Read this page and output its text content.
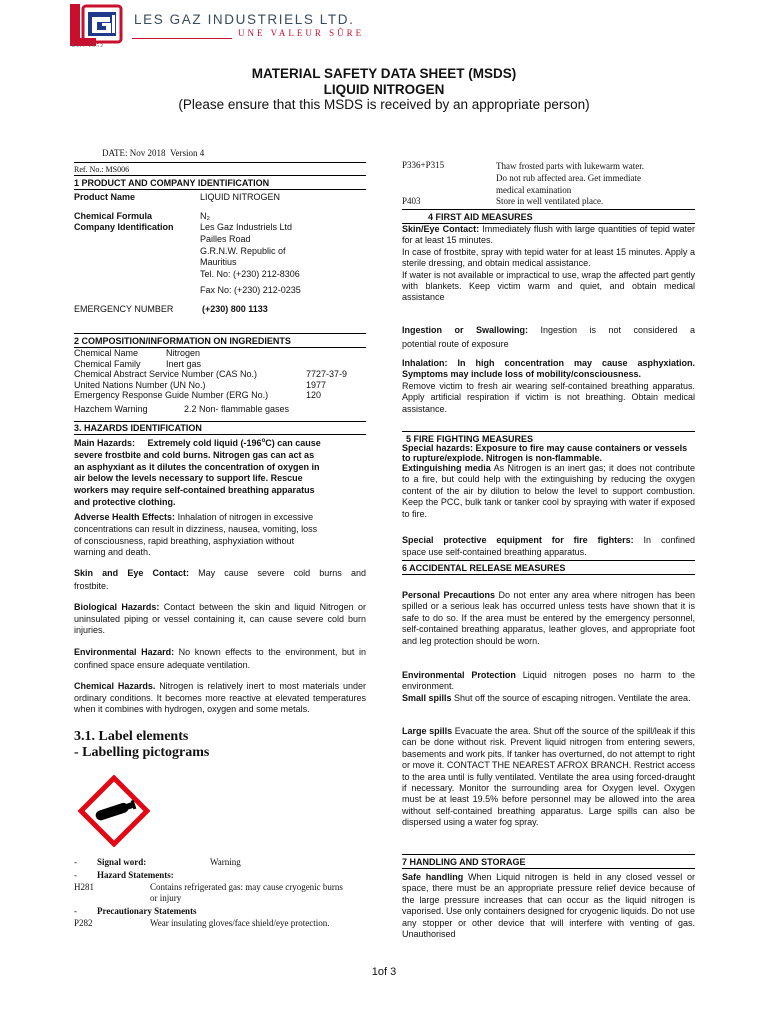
LES GAZ INDUSTRIELS LTD.
UNE VALEUR SÛRE
Est. 1952
MATERIAL SAFETY DATA SHEET (MSDS)
LIQUID NITROGEN
(Please ensure that this MSDS is received by an appropriate person)
DATE: Nov 2018 Version 4
Ref. No.: MS006
1 PRODUCT AND COMPANY IDENTIFICATION
Product Name	LIQUID NITROGEN
Chemical Formula	N₂
Company Identification	Les Gaz Industriels Ltd
Pailles Road
G.R.N.W. Republic of
Mauritius
Tel. No: (+230) 212-8306
Fax No: (+230) 212-0235
EMERGENCY NUMBER	(+230) 800 1133
2 COMPOSITION/INFORMATION ON INGREDIENTS
Chemical Name	Nitrogen
Chemical Family	Inert gas
Chemical Abstract Service Number (CAS No.)	7727-37-9
United Nations Number (UN No.)	1977
Emergency Response Guide Number (ERG No.)	120
Hazchem Warning	2.2 Non- flammable gases
3. HAZARDS IDENTIFICATION
Main Hazards: Extremely cold liquid (-196$^o$C) can cause
severe frostbite and cold burns. Nitrogen gas can act as
an asphyxiant as it dilutes the concentration of oxygen in
air below the levels necessary to support life. Rescue
workers may require self-contained breathing apparatus
and protective clothing.
Adverse Health Effects: Inhalation of nitrogen in excessive
concentrations can result in dizziness, nausea, vomiting, loss
of consciousness, rapid breathing, asphyxiation without
warning and death.
Skin and Eye Contact: May cause severe cold burns and
frostbite.
Biological Hazards: Contact between the skin and liquid Nitrogen or uninsulated piping or vessel containing it, can cause severe cold burn injuries.
Environmental Hazard: No known effects to the environment, but in confined space ensure adequate ventilation.
Chemical Hazards. Nitrogen is relatively inert to most materials under ordinary conditions. It becomes more reactive at elevated temperatures when it combines with hydrogen, oxygen and some metals.
3.1. Label elements
- Labelling pictograms
- Signal word:	Warning
- Hazard Statements:
H281	Contains refrigerated gas: may cause cryogenic burns or injury
- Precautionary Statements
P282	Wear insulating gloves/face shield/eye protection.
P336+P315	Thaw frosted parts with lukewarm water.
Do not rub affected area. Get immediate
medical examination
P403	Store in well ventilated place.
4 FIRST AID MEASURES
Skin/Eye Contact: Immediately flush with large quantities of tepid water for at least 15 minutes.
In case of frostbite, spray with tepid water for at least 15 minutes. Apply a sterile dressing, and obtain medical assistance.
If water is not available or impractical to use, wrap the affected part gently with blankets. Keep victim warm and quiet, and obtain medical assistance
Ingestion or Swallowing: Ingestion is not considered a
potential route of exposure
Inhalation: In high concentration may cause asphyxiation. Symptoms may include loss of mobility/consciousness.
Remove victim to fresh air wearing self-contained breathing apparatus. Apply artificial respiration if victim is not breathing. Obtain medical assistance.
5 FIRE FIGHTING MEASURES
Special hazards: Exposure to fire may cause containers or vessels to rupture/explode. Nitrogen is non-flammable.
Extinguishing media As Nitrogen is an inert gas; it does not contribute to a fire, but could help with the extinguishing by reducing the oxygen content of the air by dilution to below the level to support combustion. Keep the PCC, bulk tank or tanker cool by spraying with water if exposed to fire.
Special protective equipment for fire fighters: In confined
space use self-contained breathing apparatus.
6 ACCIDENTAL RELEASE MEASURES
Personal Precautions Do not enter any area where nitrogen has been spilled or a serious leak has occurred unless tests have shown that it is safe to do so. If the area must be entered by the emergency personnel, self-contained breathing apparatus, leather gloves, and appropriate foot and leg protection should be worn.
Environmental Protection Liquid nitrogen poses no harm to the environment.
Small spills Shut off the source of escaping nitrogen. Ventilate the area.
Large spills Evacuate the area. Shut off the source of the spill/leak if this can be done without risk. Prevent liquid nitrogen from entering sewers, basements and work pits. If tanker has overturned, do not attempt to right or move it. CONTACT THE NEAREST AFROX BRANCH. Restrict access to the area until is fully ventilated. Ventilate the area using forced-draught if necessary. Monitor the surrounding area for Oxygen level. Oxygen must be at least 19.5% before personnel may be allowed into the area without self-contained breathing apparatus. Large spills can also be dispersed using a water fog spray.
7 HANDLING AND STORAGE
Safe handling When Liquid nitrogen is held in any closed vessel or space, there must be an appropriate pressure relief device because of the large pressure increases that can occur as the liquid nitrogen is vaporised. Use only containers designed for cryogenic liquids. Do not use any stopper or other device that will interfere with venting of gas. Unauthorised
1of 3
